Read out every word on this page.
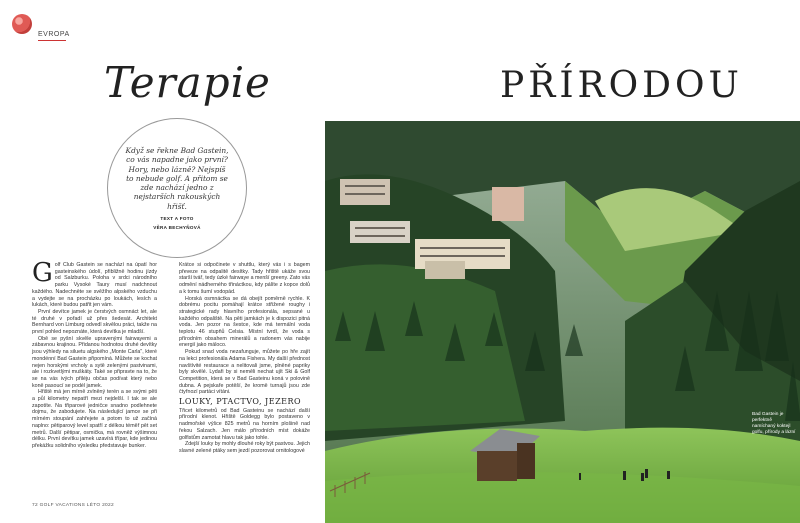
EVROPA
Terapie	PŘÍRODOU
Když se řekne Bad Gastein, co vás napadne jako první? Hory, nebo lázně? Nejspíš to nebude golf. A přitom se zde nachází jedno z nejstarších rakouských hřišť.
TEXT A FOTO
VĚRA BECHYŇOVÁ
G olf Club Gastein se nachází na úpatí hor gasteinského údolí, přibližně hodinu jízdy od Salzburku. Poloha v srdci národního parku Vysoké Taury musí nadchnout každého. Nadechněte se svěžího alpského vzduchu a vydejte se na procházku po loukách, lesích a lukách, které budou patřit jen vám.

První devítce jamek je čerstvých osmnáct let, ale té druhé v pořadí už přes šedesát. Architekt Bernhard von Limburg odvedl skvělou práci, takže na první pohled nepoznáte, která devítka je mladší.

Obě se pyšní skvěle upravenými fairwayemi a zábavnou krajinou. Přidanou hodnotou druhé devítky jsou výhledy na siluetu algského „Monte Carla", které mondénní Bad Gastein připomíná. Můžete se kochat nejen horskými vrcholy a sytě zelenými pastvinami, ale i rozkvetlými muškáty. Také se připravte na to, že se na vás ivých přiléju občas podívat který nebo koně pasoucí se podél jamek.

Hřiště má jen mírně zvlněný terén a se svými pěti a půl kilometry nepatří mezi nejdelší. I tak se ale zapotíte. Na třiparové jedničce snadno podlehnete dojmu, že zabodujete. Na následující jamce se při mírném stoupání zahřejete a potom to už začíná naplno: pětiparový level spatří z délkou téměř pět set metrů. Další pětipar, osmička, má rovněž výšimnou délku. První devítku jamek uzavírá třípar, kde jedinou překážku solidního výsledku představuje bunker.

Krátce si odpočinete v shuttlu, který vás i s bagem převeze na odpalitě desítky. Tady hřiště ukáže svou starší tvář, tedy úzké fairwaye a menší greeny. Zato vás odmění nádherného třináctkou, kdy pálíte z kopce dolů a k tomu šumí vodopád.

Horská osmnáctka se dá obejít poměrně rychle. K dobrému pocitu pomáhají krátce střižené roughy i strategické rady hlavního profesionála, sepsané u každého odpaliště. Na pěti jamkách je k dispozici pitná voda. Jen pozor na šestce, kde má termální voda teplotu 46 stupňů Celsia. Místní tvrdí, že voda s přírodním obsahem minerálů a radonem vás nabije energií jako máloco.

Pokud snad voda nezafunguje, můžete po hře zajít na lekci profesionála Adama Fishera. My další přednost navštívité restaurace a nelitovali jsme, plněné papriky byly skvělé. Lydaři by si neměli nechat ujít Ski & Golf Competition, která se v Bad Gasteinu koná v polovině dubna. A pejskaře potěší, že kromě turnajů jsou zde čtyřnozí partáci vítáni.

LOUKY, PTACTVO, JEZERO

Třicet kilometrů od Bad Gasteinu se nachází další přírodní klenot. Hřiště Goldegg bylo postaveno v nadmořské výšce 825 metrů na horním plošině nad řekou Salzach. Jen málo přírodních míst dokáže golfistům zamotat hlavu tak jako tohle.

Zdejší louky by mohly dlouhé roky být pastvou. Jejich slavné zelené ptáky sem jezdí pozorovat ornitologové

72 GOLF VACATIONS LÉTO 2022
Bad Gastein je perfektně namíchaný koktejl golfu, přírody a lázní
